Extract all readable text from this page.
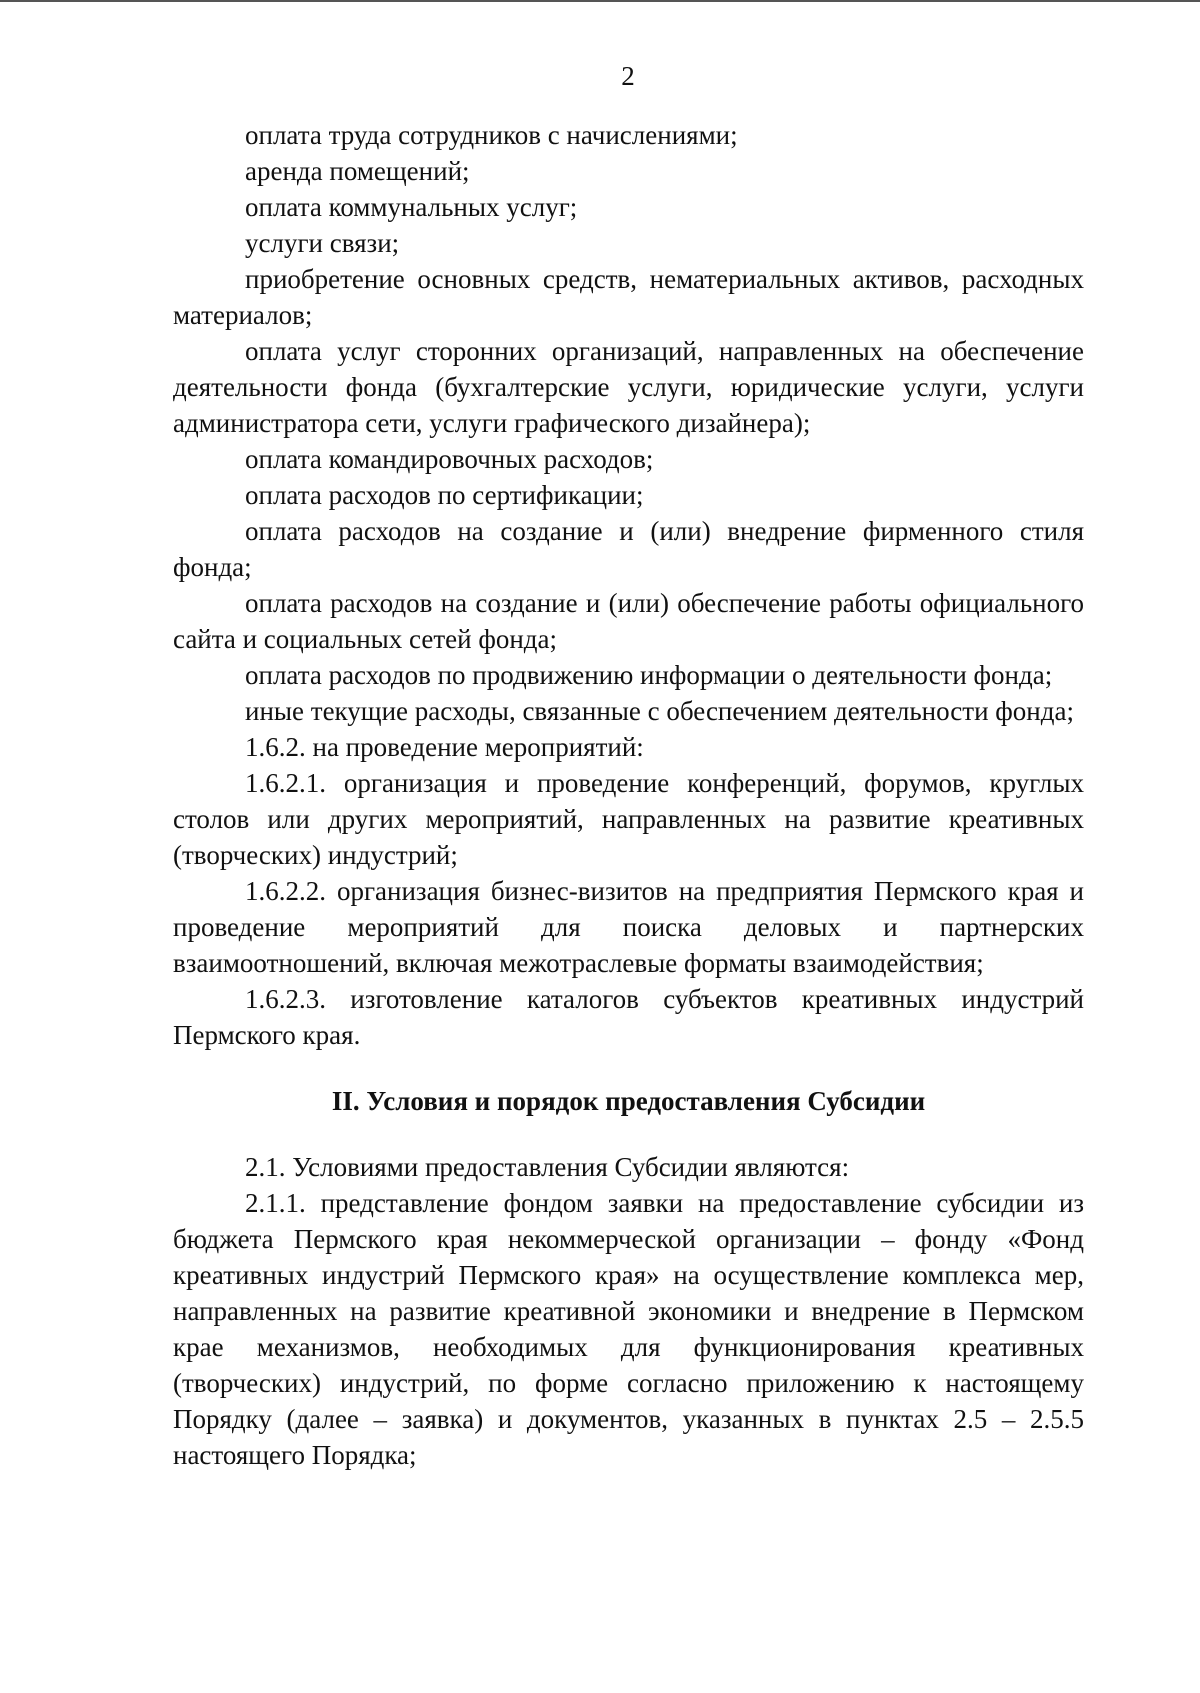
2

оплата труда сотрудников с начислениями;

аренда помещений;

оплата коммунальных услуг;

услуги связи;

приобретение основных средств, нематериальных активов, расходных материалов;

оплата услуг сторонних организаций, направленных на обеспечение деятельности фонда (бухгалтерские услуги, юридические услуги, услуги администратора сети, услуги графического дизайнера);

оплата командировочных расходов;

оплата расходов по сертификации;

оплата расходов на создание и (или) внедрение фирменного стиля фонда;

оплата расходов на создание и (или) обеспечение работы официального сайта и социальных сетей фонда;

оплата расходов по продвижению информации о деятельности фонда;

иные текущие расходы, связанные с обеспечением деятельности фонда;

1.6.2. на проведение мероприятий:

1.6.2.1. организация и проведение конференций, форумов, круглых столов или других мероприятий, направленных на развитие креативных (творческих) индустрий;

1.6.2.2. организация бизнес-визитов на предприятия Пермского края и проведение мероприятий для поиска деловых и партнерских взаимоотношений, включая межотраслевые форматы взаимодействия;

1.6.2.3. изготовление каталогов субъектов креативных индустрий Пермского края.

II. Условия и порядок предоставления Субсидии

2.1. Условиями предоставления Субсидии являются:

2.1.1. представление фондом заявки на предоставление субсидии из бюджета Пермского края некоммерческой организации – фонду «Фонд креативных индустрий Пермского края» на осуществление комплекса мер, направленных на развитие креативной экономики и внедрение в Пермском крае механизмов, необходимых для функционирования креативных (творческих) индустрий, по форме согласно приложению к настоящему Порядку (далее – заявка) и документов, указанных в пунктах 2.5 – 2.5.5 настоящего Порядка;
